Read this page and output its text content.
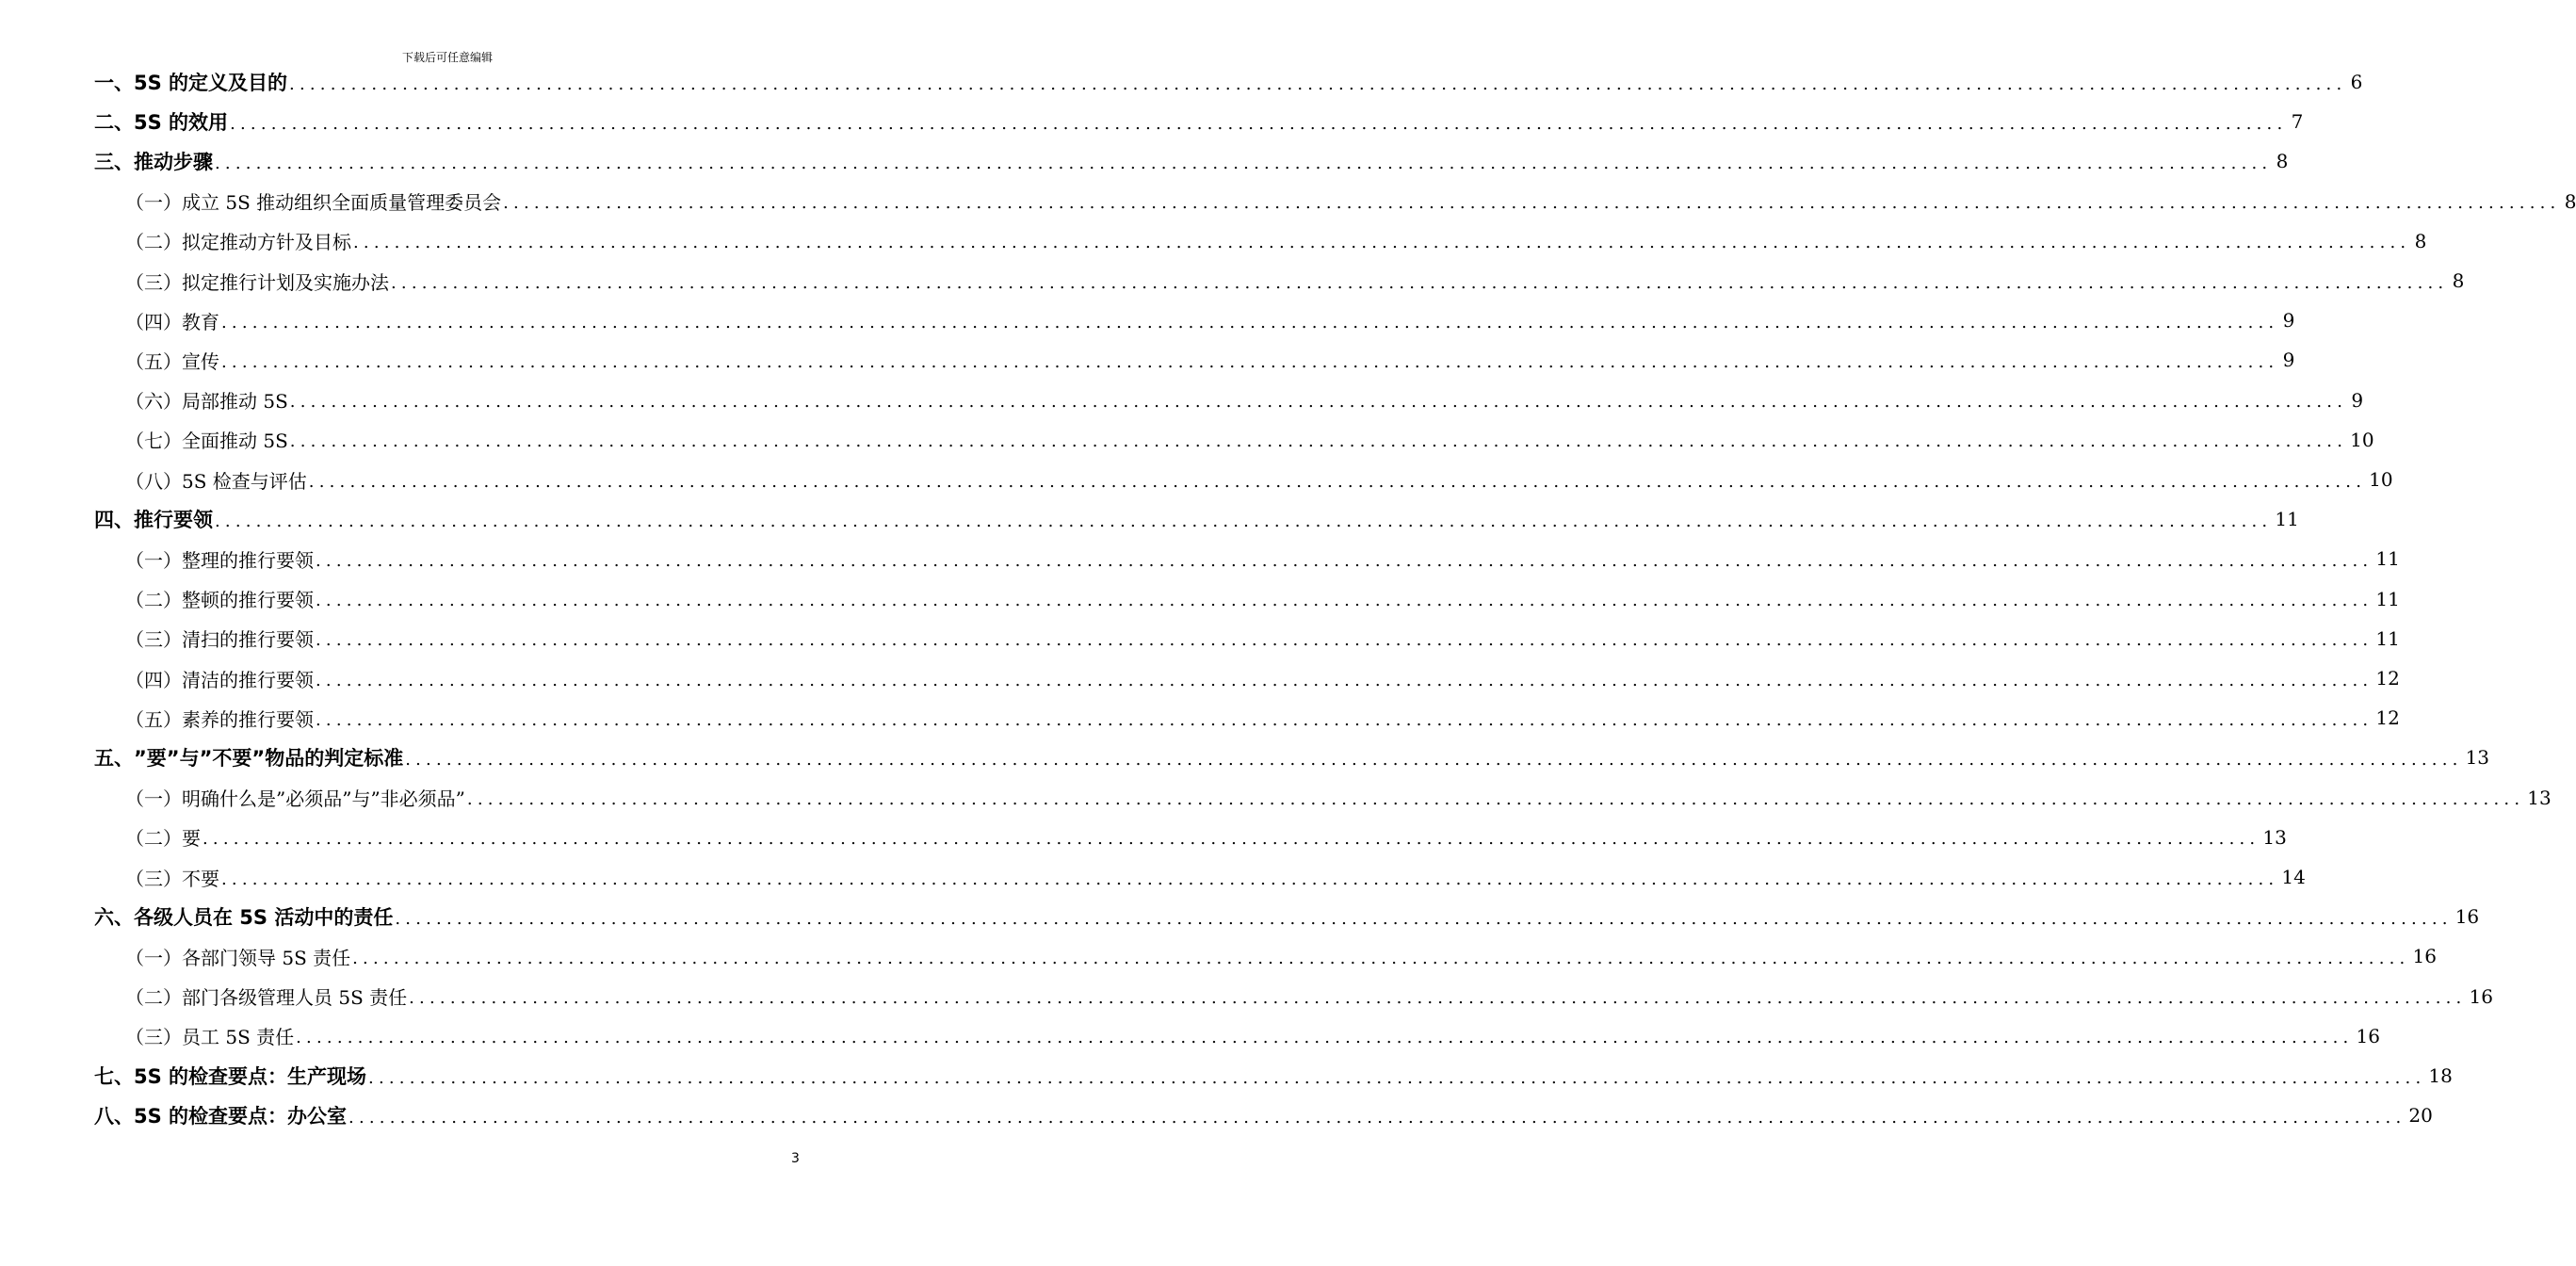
下载后可任意编辑
一、 5S 的定义及目的 ........................................................................................................................................................................................................ 6
二、 5S 的效用 ........................................................................................................................................................................................................ 7
三、 推动步骤 ........................................................................................................................................................................................................ 8
（一） 成立 5S 推动组织全面质量管理委员会 ........................................................................................................................................................................................................ 8
（二） 拟定推动方针及目标 ........................................................................................................................................................................................................ 8
（三） 拟定推行计划及实施办法 ........................................................................................................................................................................................................ 8
（四） 教育 ........................................................................................................................................................................................................ 9
（五） 宣传 ........................................................................................................................................................................................................ 9
（六） 局部推动 5S ........................................................................................................................................................................................................ 9
（七） 全面推动 5S ........................................................................................................................................................................................................ 10
（八） 5S 检查与评估 ........................................................................................................................................................................................................ 10
四、 推行要领 ........................................................................................................................................................................................................ 11
（一） 整理的推行要领 ........................................................................................................................................................................................................ 11
（二） 整顿的推行要领 ........................................................................................................................................................................................................ 11
（三） 清扫的推行要领 ........................................................................................................................................................................................................ 11
（四） 清洁的推行要领 ........................................................................................................................................................................................................ 12
（五） 素养的推行要领 ........................................................................................................................................................................................................ 12
五、 ”要”与”不要”物品的判定标准 ........................................................................................................................................................................................................ 13
（一） 明确什么是”必须品”与”非必须品” ........................................................................................................................................................................................................ 13
（二） 要 ........................................................................................................................................................................................................ 13
（三） 不要 ........................................................................................................................................................................................................ 14
六、 各级人员在 5S 活动中的责任 ........................................................................................................................................................................................................ 16
（一） 各部门领导 5S 责任 ........................................................................................................................................................................................................ 16
（二） 部门各级管理人员 5S 责任 ........................................................................................................................................................................................................ 16
（三） 员工 5S 责任 ........................................................................................................................................................................................................ 16
七、 5S 的检查要点：生产现场 ........................................................................................................................................................................................................ 18
八、 5S 的检查要点：办公室 ........................................................................................................................................................................................................ 20
3
